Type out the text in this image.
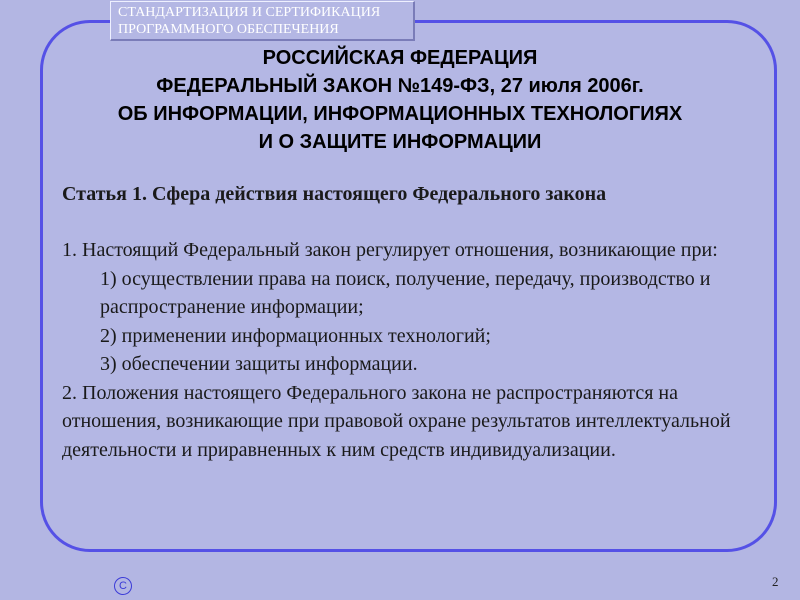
СТАНДАРТИЗАЦИЯ И СЕРТИФИКАЦИЯ
ПРОГРАММНОГО ОБЕСПЕЧЕНИЯ
РОССИЙСКАЯ ФЕДЕРАЦИЯ
ФЕДЕРАЛЬНЫЙ ЗАКОН №149-ФЗ, 27 июля 2006г.
ОБ ИНФОРМАЦИИ, ИНФОРМАЦИОННЫХ ТЕХНОЛОГИЯХ
И О ЗАЩИТЕ ИНФОРМАЦИИ

Статья 1. Сфера действия настоящего Федерального закона

1. Настоящий Федеральный закон регулирует отношения, возникающие при:

1) осуществлении права на поиск, получение, передачу, производство и распространение информации;

2) применении информационных технологий;

3) обеспечении защиты информации.

2. Положения настоящего Федерального закона не распространяются на отношения, возникающие при правовой охране результатов интеллектуальной деятельности и приравненных к ним средств индивидуализации.

C	2
